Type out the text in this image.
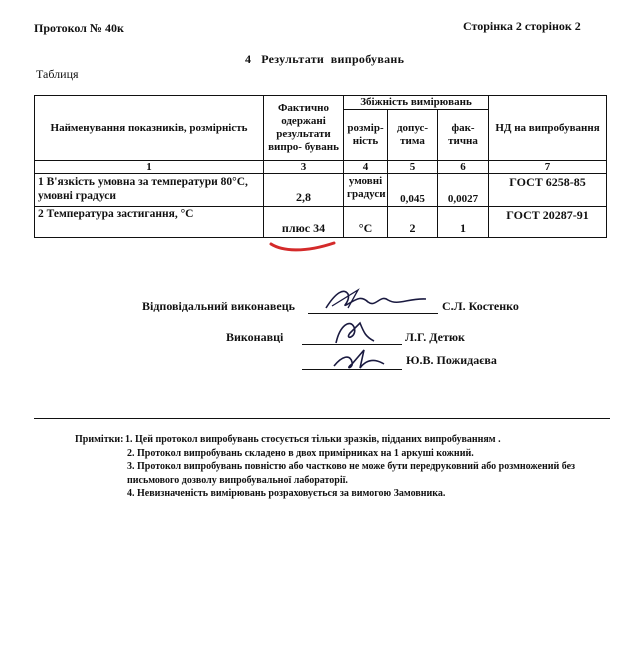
Протокол № 40к	Сторінка 2 сторінок 2
4   Результати  випробувань
Таблиця
Найменування показників, розмірність	Фактично одержані результати випро- бувань	Збіжність вимірювань			НД на випробування
		розмір- ність	допус- тима	фак- тична	
1	3	4	5	6	7
1 В'язкість умовна за температури 80°С, умовні градуси	2,8	умовні градуси	0,045	0,0027	ГОСТ 6258-85
2 Температура застигання, °С	плюс 34	°С	2	1	ГОСТ 20287-91
Відповідальний виконавець	С.Л. Костенко
Виконавці	Л.Г. Детюк
Ю.В. Пожидаєва
Примітки: 1. Цей протокол випробувань стосується тільки зразків, підданих випробуванням .
2. Протокол випробувань складено в двох примірниках на 1 аркуші кожний.
3. Протокол випробувань повністю або частково не може бути передруковний або розмножений без письмового дозволу випробувальної лабораторії.
4. Невизначеність вимірювань розраховується за вимогою Замовника.
